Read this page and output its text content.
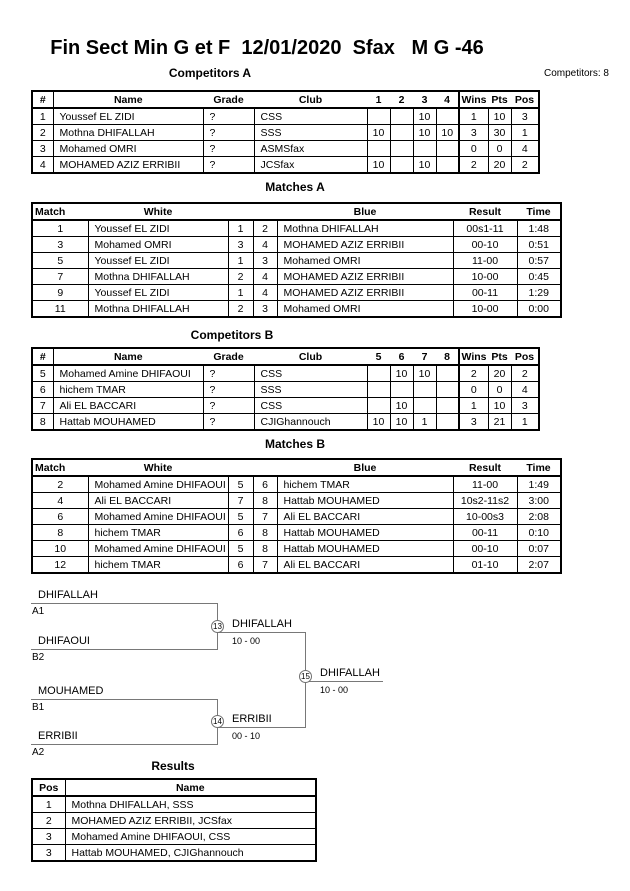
Fin Sect Min G et F  12/01/2020  Sfax   M G -46
Competitors A	Competitors: 8
#	Name	Grade	Club	1	2	3	4	Wins	Pts	Pos
1	Youssef EL ZIDI	?	CSS			10		1	10	3
2	Mothna DHIFALLAH	?	SSS	10		10	10	3	30	1
3	Mohamed OMRI	?	ASMSfax					0	0	4
4	MOHAMED AZIZ ERRIBII	?	JCSfax	10		10		2	20	2
Matches A
Match	White			Blue	Result	Time
1	Youssef EL ZIDI	1	2	Mothna DHIFALLAH	00s1-11	1:48
3	Mohamed OMRI	3	4	MOHAMED AZIZ ERRIBII	00-10	0:51
5	Youssef EL ZIDI	1	3	Mohamed OMRI	11-00	0:57
7	Mothna DHIFALLAH	2	4	MOHAMED AZIZ ERRIBII	10-00	0:45
9	Youssef EL ZIDI	1	4	MOHAMED AZIZ ERRIBII	00-11	1:29
11	Mothna DHIFALLAH	2	3	Mohamed OMRI	10-00	0:00
Competitors B
#	Name	Grade	Club	5	6	7	8	Wins	Pts	Pos
5	Mohamed Amine DHIFAOUI	?	CSS		10	10		2	20	2
6	hichem TMAR	?	SSS					0	0	4
7	Ali EL BACCARI	?	CSS		10			1	10	3
8	Hattab MOUHAMED	?	CJIGhannouch	10	10	1		3	21	1
Matches B
Match	White			Blue	Result	Time
2	Mohamed Amine DHIFAOUI	5	6	hichem TMAR	11-00	1:49
4	Ali EL BACCARI	7	8	Hattab MOUHAMED	10s2-11s2	3:00
6	Mohamed Amine DHIFAOUI	5	7	Ali EL BACCARI	10-00s3	2:08
8	hichem TMAR	6	8	Hattab MOUHAMED	00-11	0:10
10	Mohamed Amine DHIFAOUI	5	8	Hattab MOUHAMED	00-10	0:07
12	hichem TMAR	6	7	Ali EL BACCARI	01-10	2:07
DHIFALLAH
A1
DHIFAOUI
B2
MOUHAMED
B1
ERRIBII
A2
13
14
15
DHIFALLAH
10 - 00
ERRIBII
00 - 10
DHIFALLAH
10 - 00
Results
Pos	Name
1	Mothna DHIFALLAH, SSS
2	MOHAMED AZIZ ERRIBII, JCSfax
3	Mohamed Amine DHIFAOUI, CSS
3	Hattab MOUHAMED, CJIGhannouch
